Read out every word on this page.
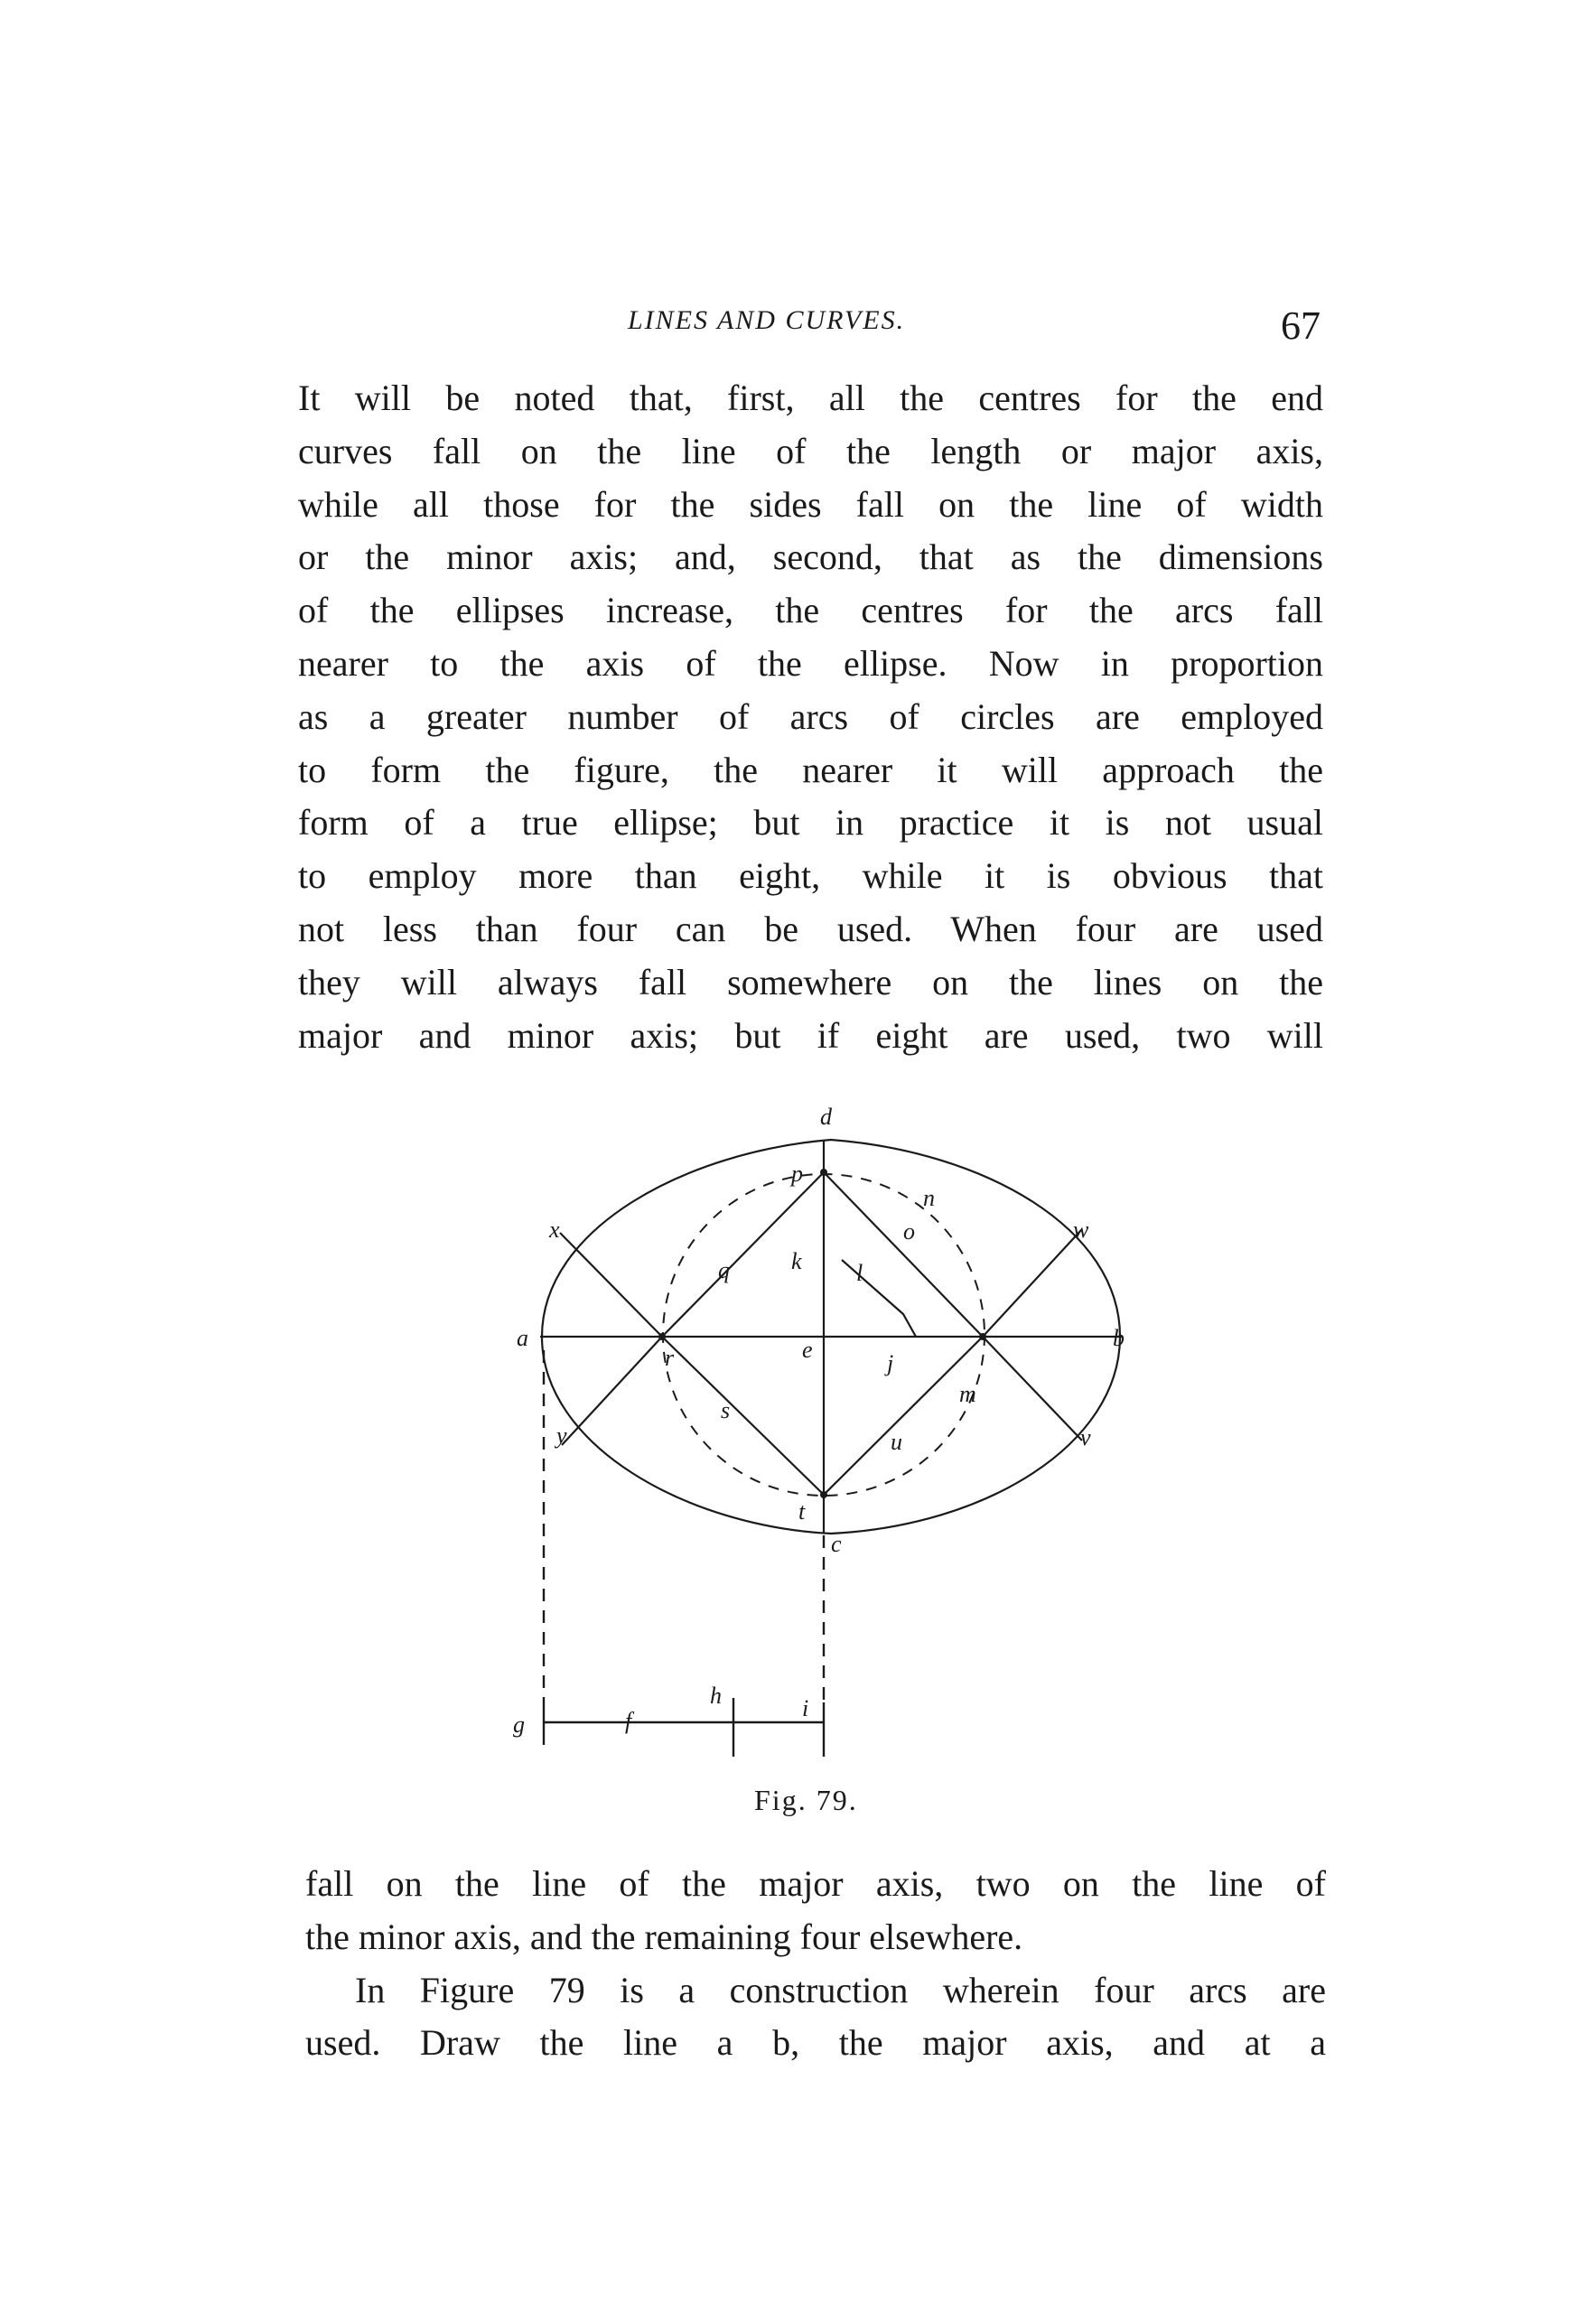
LINES AND CURVES.	67
It will be noted that, first, all the centres for the end
curves fall on the line of the length or major axis,
while all those for the sides fall on the line of width
or the minor axis; and, second, that as the dimensions
of the ellipses increase, the centres for the arcs fall
nearer to the axis of the ellipse. Now in proportion
as a greater number of arcs of circles are employed
to form the figure, the nearer it will approach the
form of a true ellipse; but in practice it is not usual
to employ more than eight, while it is obvious that
not less than four can be used. When four are used
they will always fall somewhere on the lines on the
major and minor axis; but if eight are used, two will
d
p
n
o
x	w
q	k l
a	b
e
r	j
m
s
y	u	v
t
c
g	f
h	i
Fig. 79.
fall on the line of the major axis, two on the line of
the minor axis, and the remaining four elsewhere.
In Figure 79 is a construction wherein four arcs are
used. Draw the line a b, the major axis, and at a
